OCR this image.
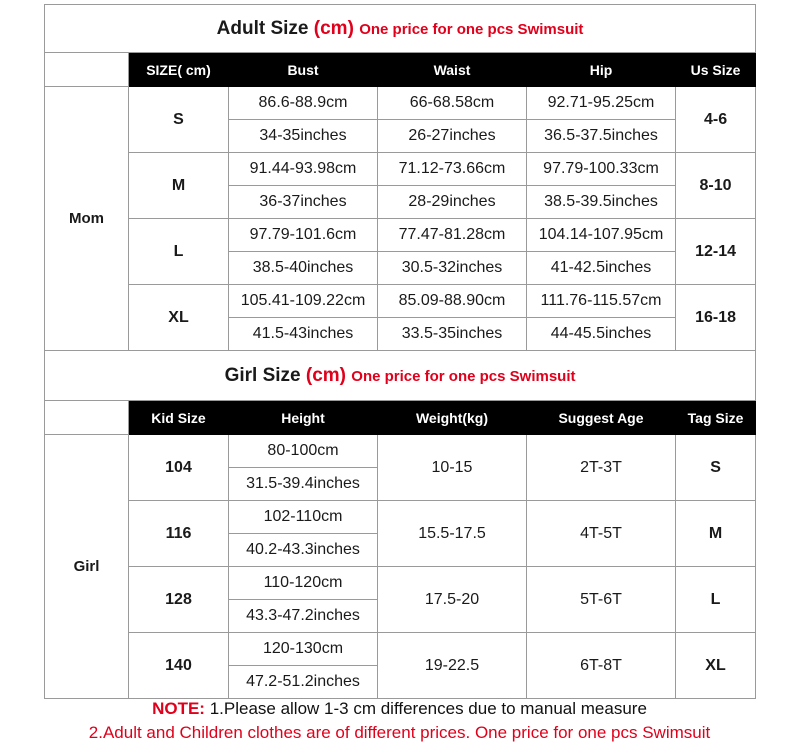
Adult Size (cm) One price for one pcs Swimsuit					
	SIZE( cm)	Bust	Waist	Hip	Us Size
Mom	S	86.6-88.9cm	66-68.58cm	92.71-95.25cm	4-6
		34-35inches	26-27inches	36.5-37.5inches	
	M	91.44-93.98cm	71.12-73.66cm	97.79-100.33cm	8-10
		36-37inches	28-29inches	38.5-39.5inches	
	L	97.79-101.6cm	77.47-81.28cm	104.14-107.95cm	12-14
		38.5-40inches	30.5-32inches	41-42.5inches	
	XL	105.41-109.22cm	85.09-88.90cm	111.76-115.57cm	16-18
		41.5-43inches	33.5-35inches	44-45.5inches	
Girl Size (cm) One price for one pcs Swimsuit					
	Kid Size	Height	Weight(kg)	Suggest Age	Tag Size
Girl	104	80-100cm	10-15	2T-3T	S
		31.5-39.4inches			
	116	102-110cm	15.5-17.5	4T-5T	M
		40.2-43.3inches			
	128	110-120cm	17.5-20	5T-6T	L
		43.3-47.2inches			
	140	120-130cm	19-22.5	6T-8T	XL
		47.2-51.2inches			
NOTE: 1.Please allow 1-3 cm differences due to manual measure
2.Adult and Children clothes are of different prices. One price for one pcs Swimsuit
